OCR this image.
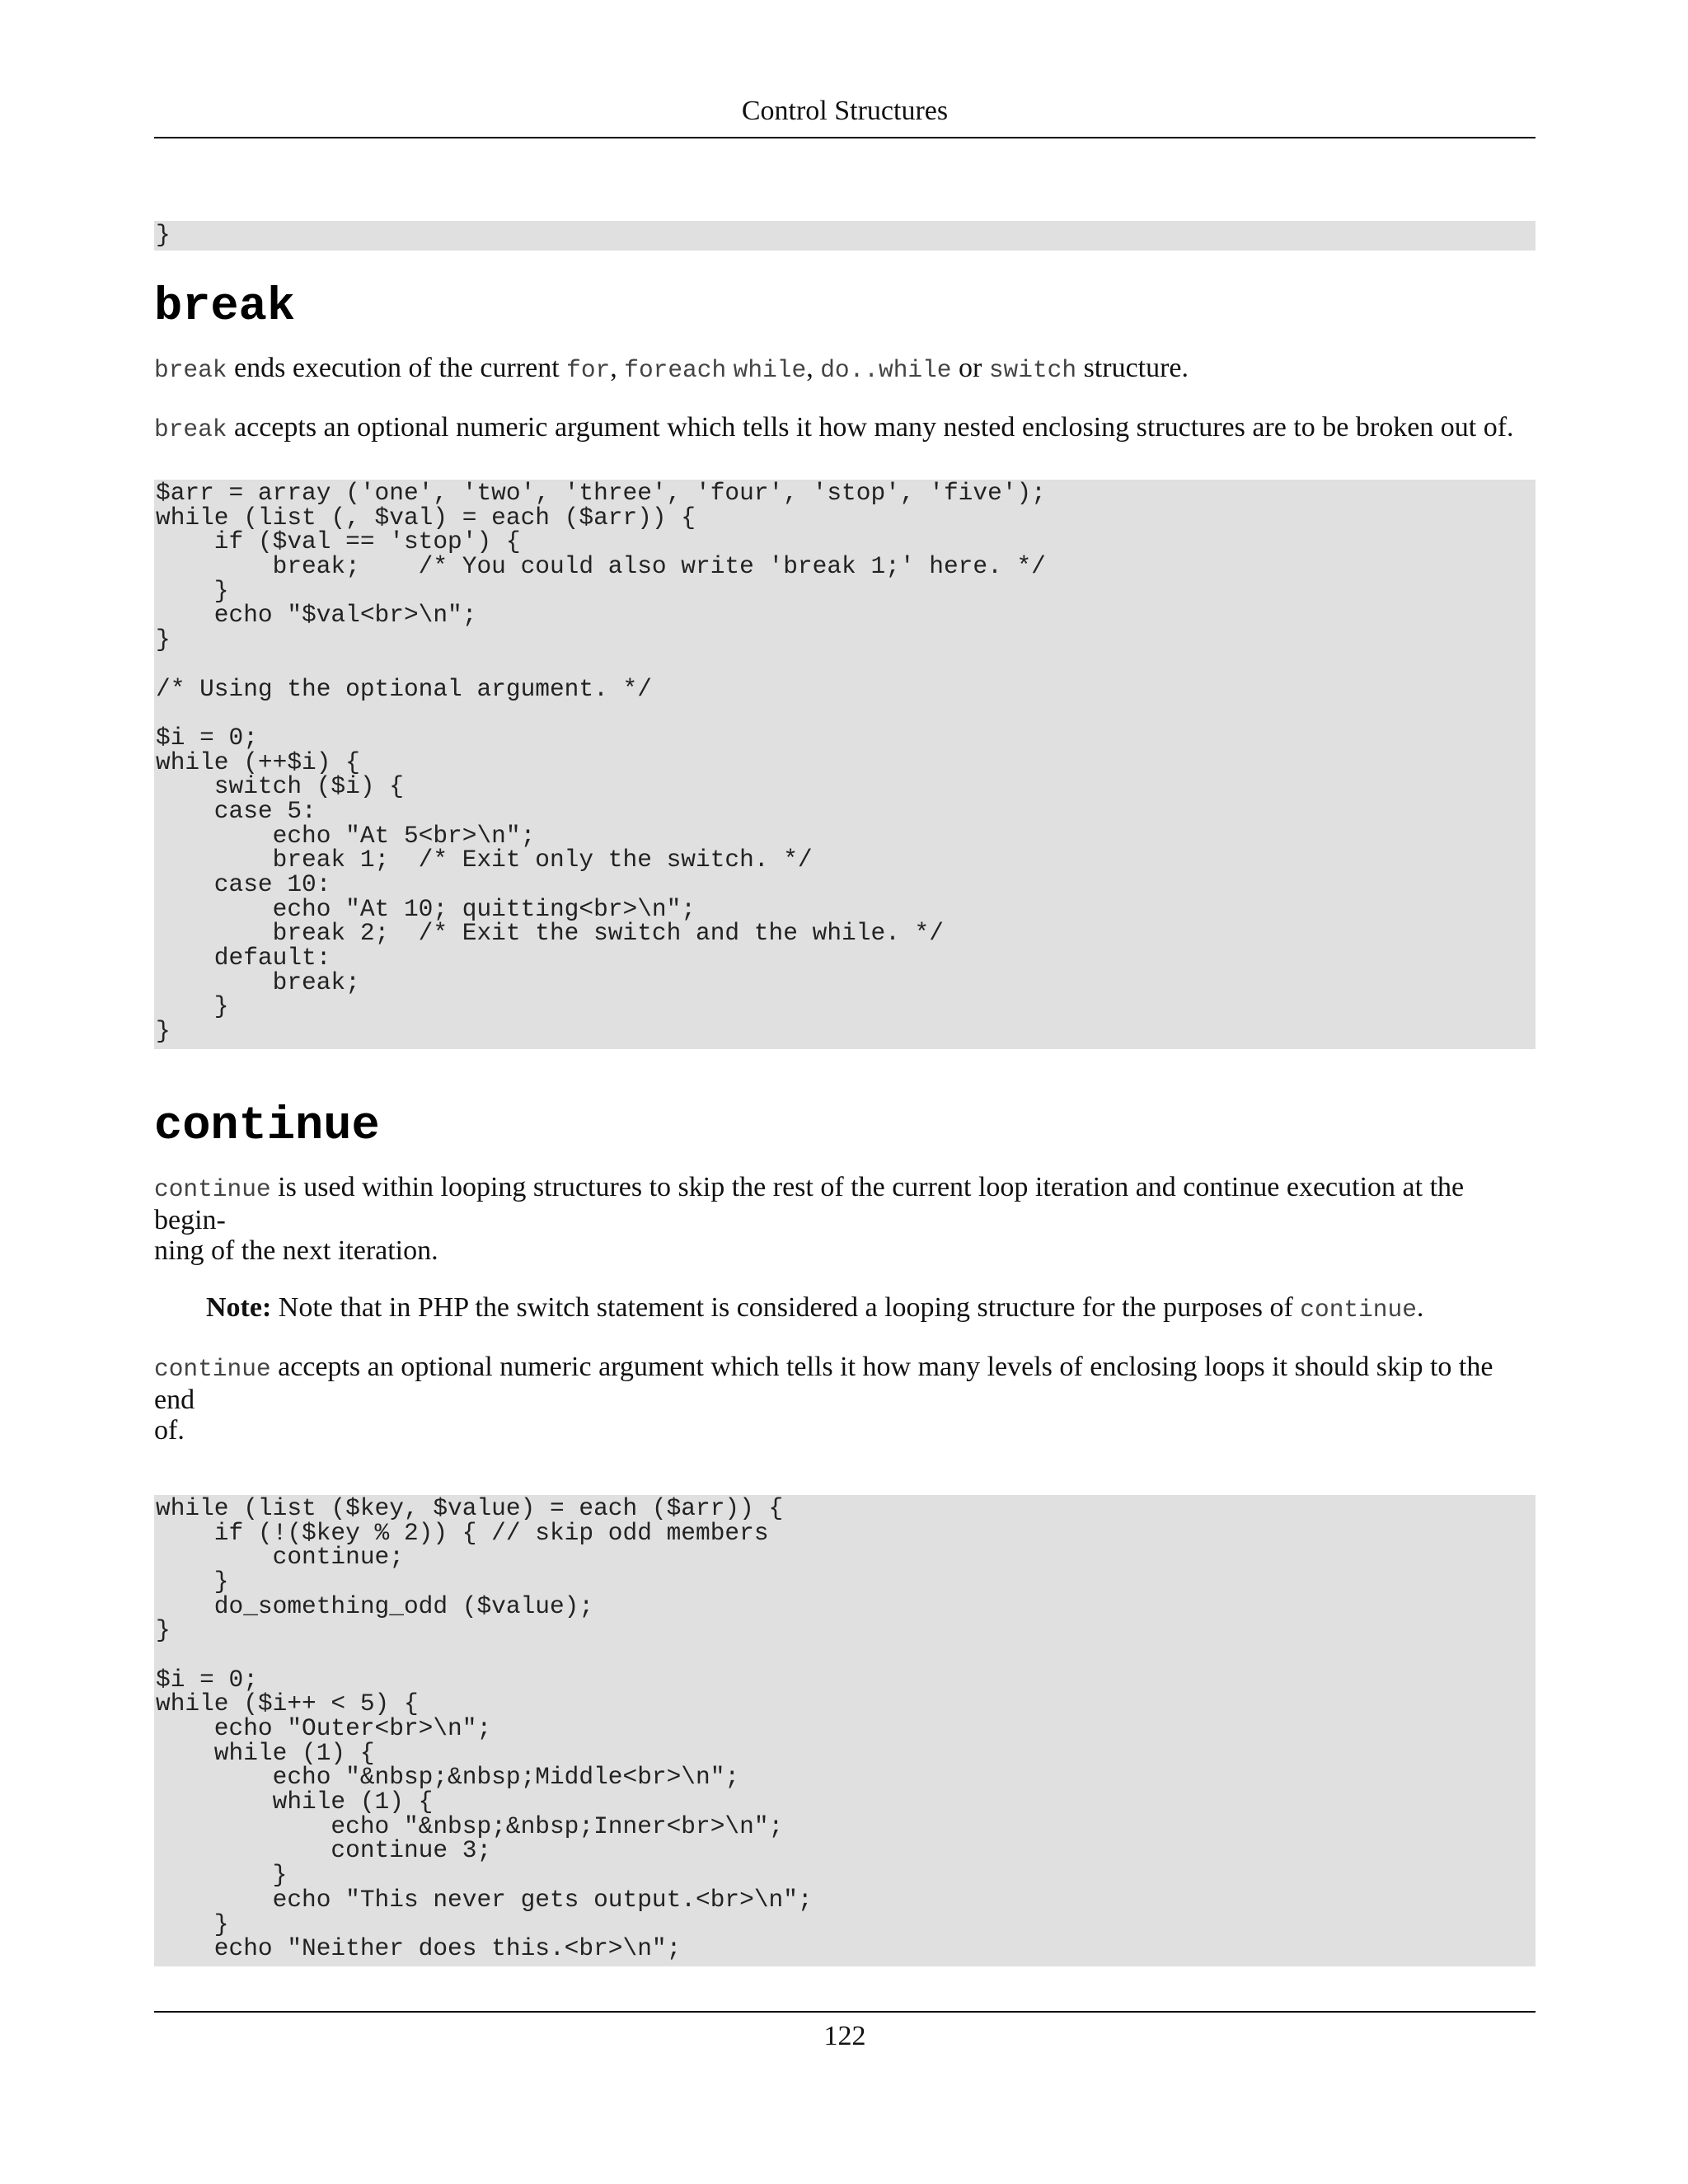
Control Structures
}
break

break ends execution of the current for, foreach while, do..while or switch structure.

break accepts an optional numeric argument which tells it how many nested enclosing structures are to be broken out of.

$arr = array ('one', 'two', 'three', 'four', 'stop', 'five');
while (list (, $val) = each ($arr)) {
if ($val == 'stop') {
break;    /* You could also write 'break 1;' here. */
}
echo "$val<br>\n";
}
/* Using the optional argument. */
$i = 0;
while (++$i) {
switch ($i) {
case 5:
echo "At 5<br>\n";
break 1;  /* Exit only the switch. */
case 10:
echo "At 10; quitting<br>\n";
break 2;  /* Exit the switch and the while. */
default:
break;
}
}
continue

continue is used within looping structures to skip the rest of the current loop iteration and continue execution at the begin-
ning of the next iteration.

Note: Note that in PHP the switch statement is considered a looping structure for the purposes of continue.

continue accepts an optional numeric argument which tells it how many levels of enclosing loops it should skip to the end
of.

while (list ($key, $value) = each ($arr)) {
if (!($key % 2)) { // skip odd members
continue;
}
do_something_odd ($value);
}
$i = 0;
while ($i++ < 5) {
echo "Outer<br>\n";
while (1) {
echo "&nbsp;&nbsp;Middle<br>\n";
while (1) {
echo "&nbsp;&nbsp;Inner<br>\n";
continue 3;
}
echo "This never gets output.<br>\n";
}
echo "Neither does this.<br>\n";
122
